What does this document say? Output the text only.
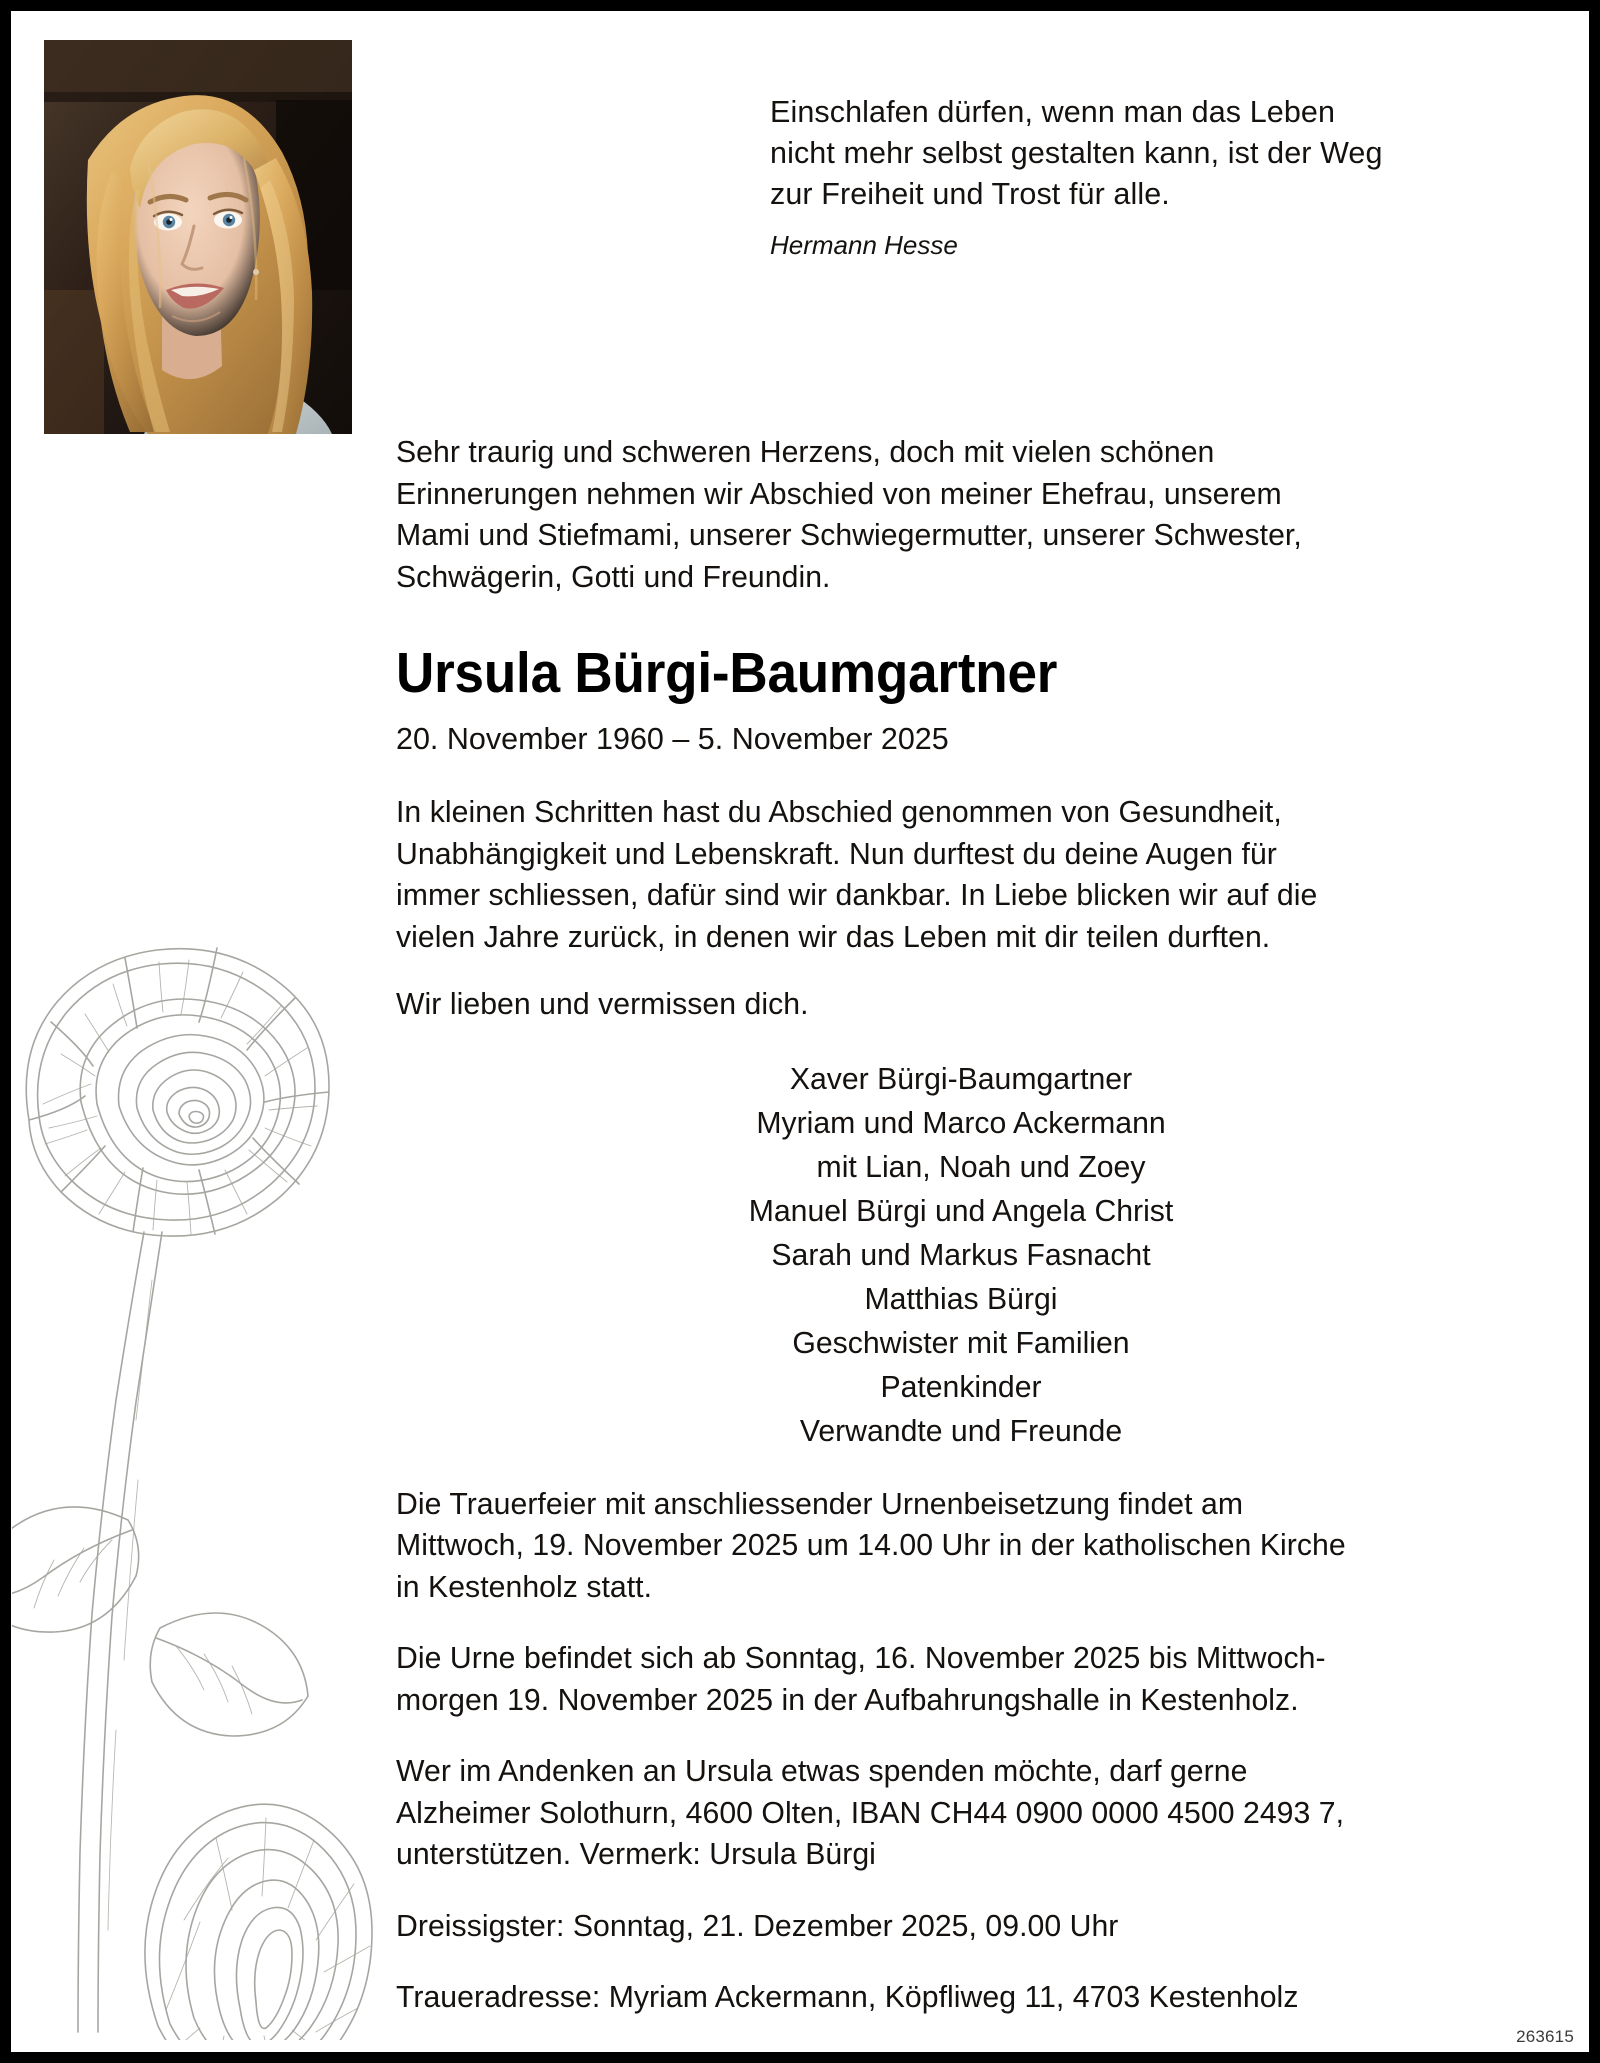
Einschlafen dürfen, wenn man das Leben
nicht mehr selbst gestalten kann, ist der Weg
zur Freiheit und Trost für alle.
Hermann Hesse
Sehr traurig und schweren Herzens, doch mit vielen schönen
Erinnerungen nehmen wir Abschied von meiner Ehefrau, unserem
Mami und Stiefmami, unserer Schwiegermutter, unserer Schwester,
Schwägerin, Gotti und Freundin.
Ursula Bürgi-Baumgartner
20. November 1960 – 5. November 2025
In kleinen Schritten hast du Abschied genommen von Gesundheit,
Unabhängigkeit und Lebenskraft. Nun durftest du deine Augen für
immer schliessen, dafür sind wir dankbar. In Liebe blicken wir auf die
vielen Jahre zurück, in denen wir das Leben mit dir teilen durften.
Wir lieben und vermissen dich.
Xaver Bürgi-Baumgartner
Myriam und Marco Ackermann
mit Lian, Noah und Zoey
Manuel Bürgi und Angela Christ
Sarah und Markus Fasnacht
Matthias Bürgi
Geschwister mit Familien
Patenkinder
Verwandte und Freunde
Die Trauerfeier mit anschliessender Urnenbeisetzung findet am
Mittwoch, 19. November 2025 um 14.00 Uhr in der katholischen Kirche
in Kestenholz statt.
Die Urne befindet sich ab Sonntag, 16. November 2025 bis Mittwoch-
morgen 19. November 2025 in der Aufbahrungshalle in Kestenholz.
Wer im Andenken an Ursula etwas spenden möchte, darf gerne
Alzheimer Solothurn, 4600 Olten, IBAN CH44 0900 0000 4500 2493 7,
unterstützen. Vermerk: Ursula Bürgi
Dreissigster: Sonntag, 21. Dezember 2025, 09.00 Uhr
Traueradresse: Myriam Ackermann, Köpfliweg 11, 4703 Kestenholz
263615
